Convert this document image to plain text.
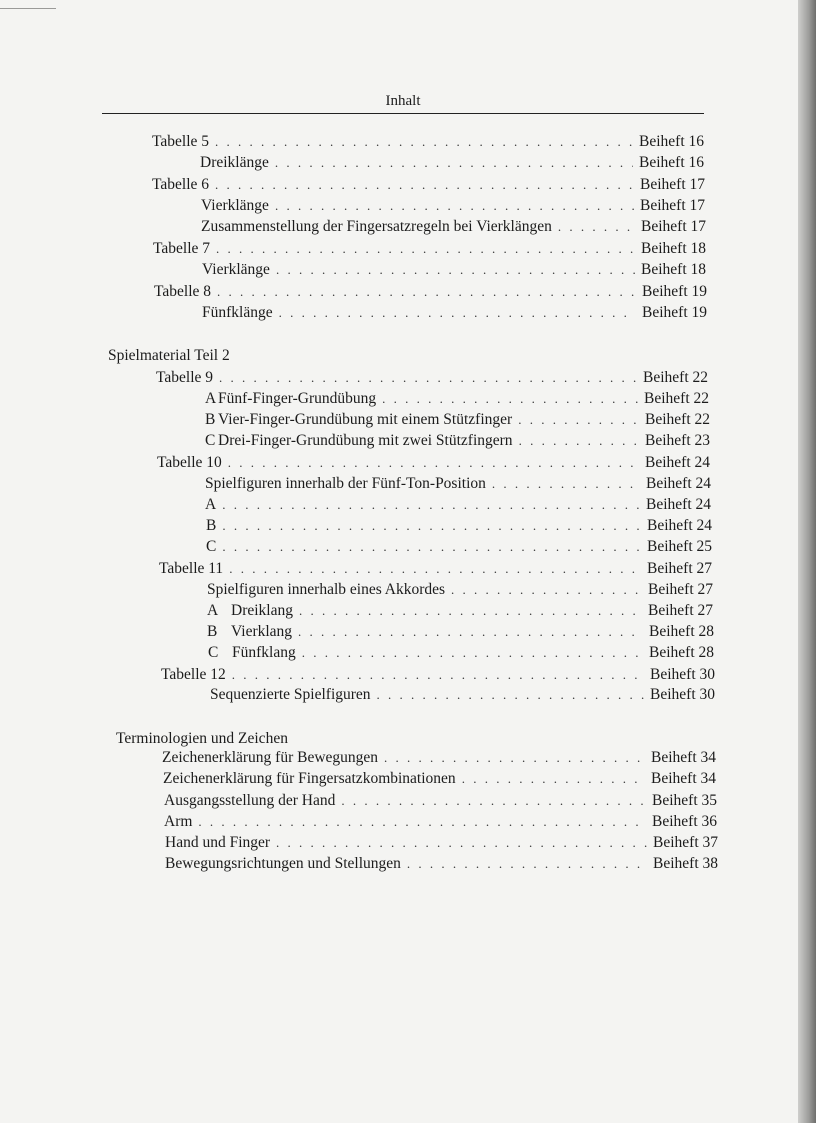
Inhalt
Tabelle 5 . . .	Beiheft 16
Dreiklänge . . .	Beiheft 16
Tabelle 6 . . .	Beiheft 17
Vierklänge . . .	Beiheft 17
Zusammenstellung der Fingersatzregeln bei Vierklängen . . .	Beiheft 17
Tabelle 7 . . .	Beiheft 18
Vierklänge . . .	Beiheft 18
Tabelle 8 . . .	Beiheft 19
Fünfklänge . . .	Beiheft 19
Spielmaterial Teil 2
Tabelle 9 . . .	Beiheft 22
A Fünf-Finger-Grundübung . . .	Beiheft 22
B Vier-Finger-Grundübung mit einem Stützfinger . . .	Beiheft 22
C Drei-Finger-Grundübung mit zwei Stützfingern . . .	Beiheft 23
Tabelle 10 . . .	Beiheft 24
Spielfiguren innerhalb der Fünf-Ton-Position . . .	Beiheft 24
A . . .	Beiheft 24
B . . .	Beiheft 24
C . . .	Beiheft 25
Tabelle 11 . . .	Beiheft 27
Spielfiguren innerhalb eines Akkordes . . .	Beiheft 27
A Dreiklang . . .	Beiheft 27
B Vierklang . . .	Beiheft 28
C Fünfklang . . .	Beiheft 28
Tabelle 12 . . .	Beiheft 30
Sequenzierte Spielfiguren . . .	Beiheft 30
Terminologien und Zeichen
Zeichenerklärung für Bewegungen . . .	Beiheft 34
Zeichenerklärung für Fingersatzkombinationen . . .	Beiheft 34
Ausgangsstellung der Hand . . .	Beiheft 35
Arm . . .	Beiheft 36
Hand und Finger . . .	Beiheft 37
Bewegungsrichtungen und Stellungen . . .	Beiheft 38
